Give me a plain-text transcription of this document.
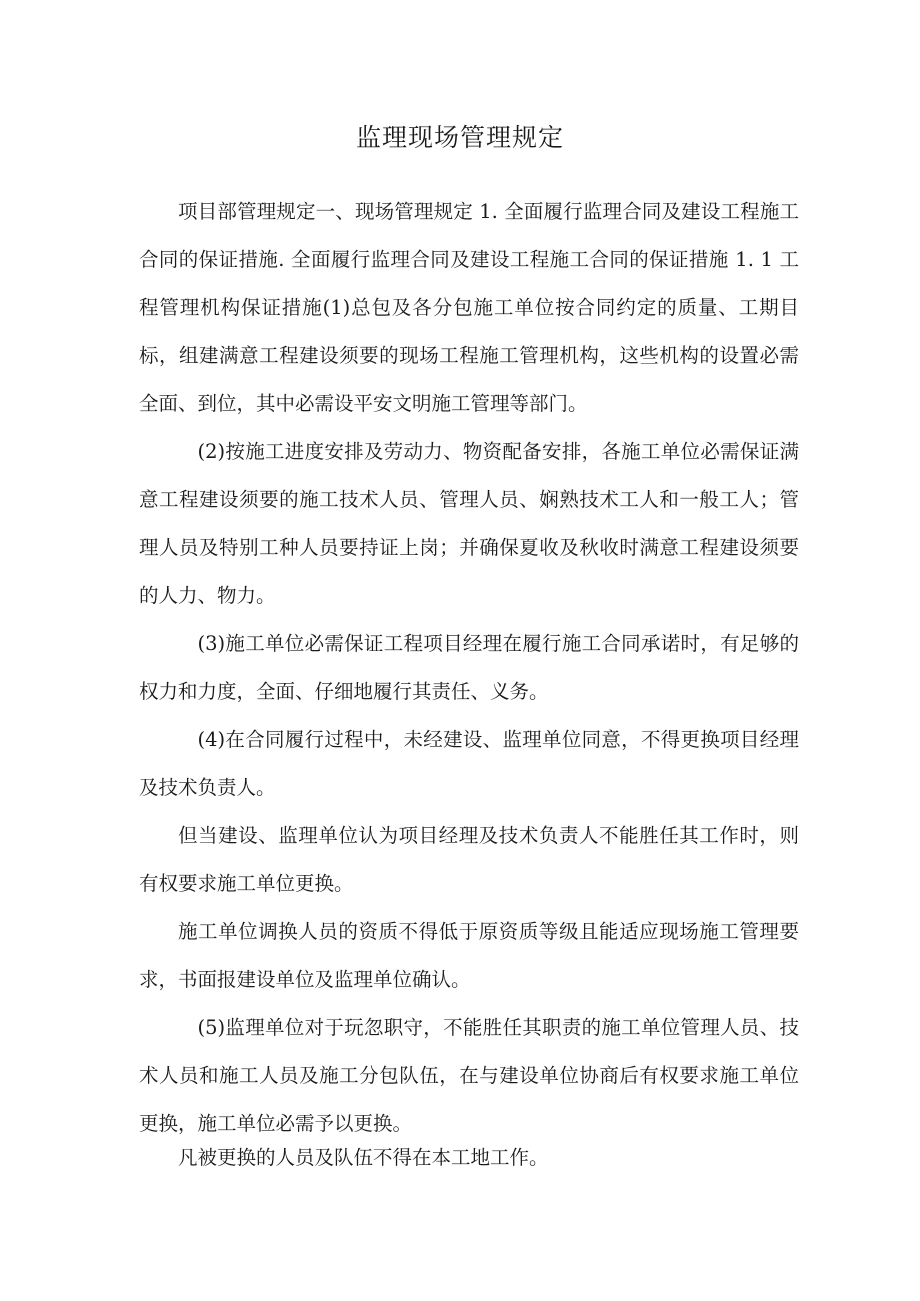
监理现场管理规定

项目部管理规定一、现场管理规定 1. 全面履行监理合同及建设工程施工合同的保证措施. 全面履行监理合同及建设工程施工合同的保证措施 1. 1 工程管理机构保证措施(1)总包及各分包施工单位按合同约定的质量、工期目标，组建满意工程建设须要的现场工程施工管理机构，这些机构的设置必需全面、到位，其中必需设平安文明施工管理等部门。

(2)按施工进度安排及劳动力、物资配备安排，各施工单位必需保证满意工程建设须要的施工技术人员、管理人员、娴熟技术工人和一般工人；管理人员及特别工种人员要持证上岗；并确保夏收及秋收时满意工程建设须要的人力、物力。

(3)施工单位必需保证工程项目经理在履行施工合同承诺时，有足够的权力和力度，全面、仔细地履行其责任、义务。

(4)在合同履行过程中，未经建设、监理单位同意，不得更换项目经理及技术负责人。

但当建设、监理单位认为项目经理及技术负责人不能胜任其工作时，则有权要求施工单位更换。

施工单位调换人员的资质不得低于原资质等级且能适应现场施工管理要求，书面报建设单位及监理单位确认。

(5)监理单位对于玩忽职守，不能胜任其职责的施工单位管理人员、技术人员和施工人员及施工分包队伍，在与建设单位协商后有权要求施工单位更换，施工单位必需予以更换。

凡被更换的人员及队伍不得在本工地工作。
